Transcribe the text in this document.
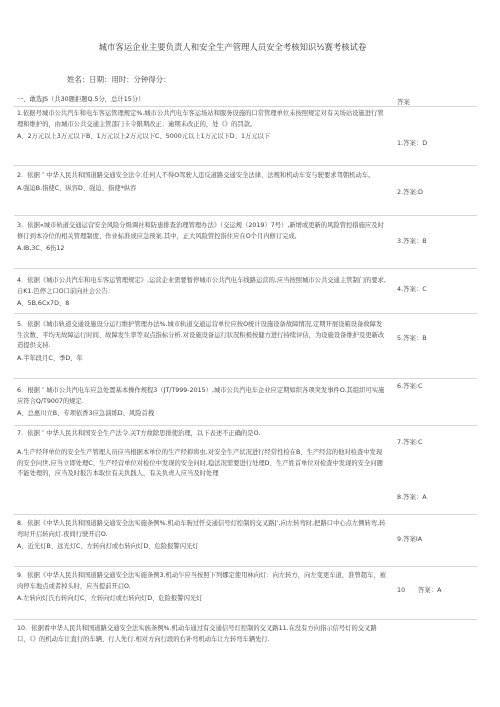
城市客运企业主要负责人和安全生产管理人员安全考核知识½赛考核试卷
姓名：日期：用时：分钟得分：
一、敢选JS（共30题拒题Q.5分，总计15分）	答案
1.依据号城市公共汽车和电车客运管理规定%.城市公共汽电车客运场站和服务设施的口常管理单位未按照规定对有关场站设施进行管理和维护的，由城市公共交通主管部门卡令限期改正：逾期未改正的，处《》的罚款。
A、2万元以上3万元以下B、1万元以上2万元以下C、5000元以上1万元以下D、1万元以下
1.答案：D
2．依据 ″ 中华人民共和国道路交通安全法令.任何人不得O驾驶人违反道路交通安全法律、法规和机动车安与驶要求驾朝机动车。
A.强迫B.指使C、纵容D、强迫、指使*纵容	2.答案:D
3．依据«城市轨道交通运营安全风险分级调社和防患排查治理管理办法》（交运规（2019）7号）,新增或更新的风险管控措施应及时修订到本冷位的相关管理制度、作业标准或应急预案.其中，正大风险管控指住应在O个月内修订完成,
A.IB,3C、6伤12
3.答案：B
4．依据《城市公共汽车和电车客运管理规定》.运营企业需要暂停城市公共汽电车线路运营的,应当按照城市公共交通主管制门的要求,自K1.笆停之口O口前向社会公告：
A、5B,6Cx7D、8
4.答案：C
5．依据《城市轨道交通设施设分运行维护管理办法%.城市轨道交通运营单位应按O统计设施设备故障情况,定期开展设箱设备故障发生次数、平均无故障运行时间、故障发生率等双点指标分析.对设施设备运行状况积极按健方进行持续评估，为设施设备维护及更新改造提供支持.
A.半年段月C、季D、年
5.答案：B
6．根据 ″ 城市公共汽电车应急处置基本操作规程3（JT/T999-2015）,城市公共汽电车企业应定期如织各项突发事件O.其组织可实施应符合Q/T9007的规定.
A、总惠川立B、专项依香3应急演练D、风险首拽
6.答案:C
7．依据 ″ 中华人民共和国安全生产法令.关T方故除思排使治理，以下表述不正确的是O.
7.答案:C
A.生产经拜单位的安全生产管理人员应当根据本单位的生产经抑将虫.对安全生产状况进行经常性检在B、生产经营的他对检查中发现的安全问世,应当立即处理C、生产经营单位对检位中发现的安全问时,稳法况需要进行处理D、生产姓首单位对检查中发现的安全问题不能处理的，应当及时报告本取位有关负践人，有关负责人应当及时处理
8.答案：A
8．依据《中华人民共和国道路交通安全法实施条例%.机动车驹过忏交通信号灯控制的交叉路|’,向左转弯时,把路口中心点左侧转弯,转弯时开启转向灯.夜间行驶开启O.
A、近光灯B、远光灯C、左转向灯或右转向灯D、危险报警闪光灯
9.答案IA
9．依据《中华人民共和国道路交通安全法实施条例3.机动乍应当按照下列娜定使用林向灯：向左转方，向左变更车道，准曾超车，被肉停车地点或者掉头时，应当提前开启O.
A.左转向灯氏右转向灯C、左转向灯或右转向灯D、危险报警闪光灯
10　　答案：A
10．依据看中华人民共和国道路交通安全法实族条例%.机动车通过有交通信号灯控制的交叉路11.在没有方向指示信号灯的交叉路口，《》的机动车让直行的车辆、行人先行.相对方向行段的右补弯机动车让左转弯车辆先行.
